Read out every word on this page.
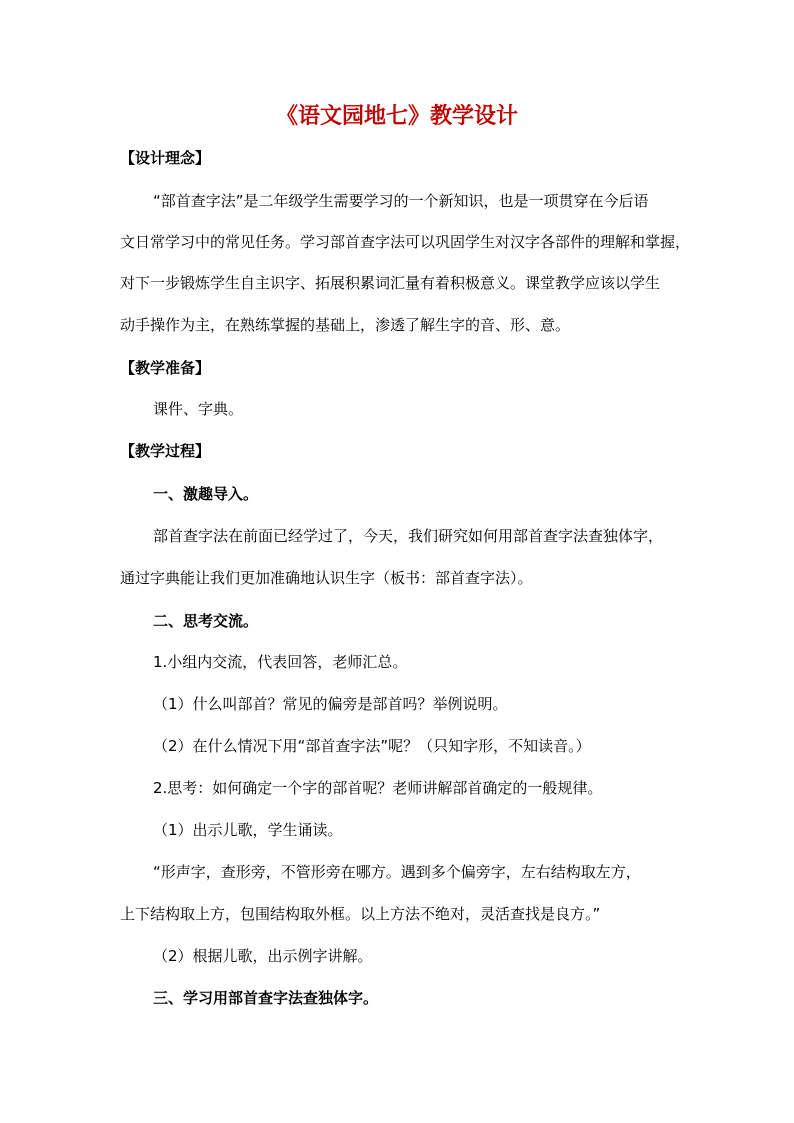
《语文园地七》教学设计
【设计理念】
“部首查字法”是二年级学生需要学习的一个新知识，也是一项贯穿在今后语
文日常学习中的常见任务。学习部首查字法可以巩固学生对汉字各部件的理解和掌握，
对下一步锻炼学生自主识字、拓展积累词汇量有着积极意义。课堂教学应该以学生
动手操作为主，在熟练掌握的基础上，渗透了解生字的音、形、意。
【教学准备】
课件、字典。
【教学过程】
一、激趣导入。
部首查字法在前面已经学过了，今天，我们研究如何用部首查字法查独体字，
通过字典能让我们更加准确地认识生字（板书：部首查字法）。
二、思考交流。
1.小组内交流，代表回答，老师汇总。
（1）什么叫部首？常见的偏旁是部首吗？举例说明。
（2）在什么情况下用“部首查字法”呢？（只知字形，不知读音。）
2.思考：如何确定一个字的部首呢？老师讲解部首确定的一般规律。
（1）出示儿歌，学生诵读。
“形声字，查形旁，不管形旁在哪方。遇到多个偏旁字，左右结构取左方，
上下结构取上方，包围结构取外框。以上方法不绝对，灵活查找是良方。”
（2）根据儿歌，出示例字讲解。
三、学习用部首查字法查独体字。
